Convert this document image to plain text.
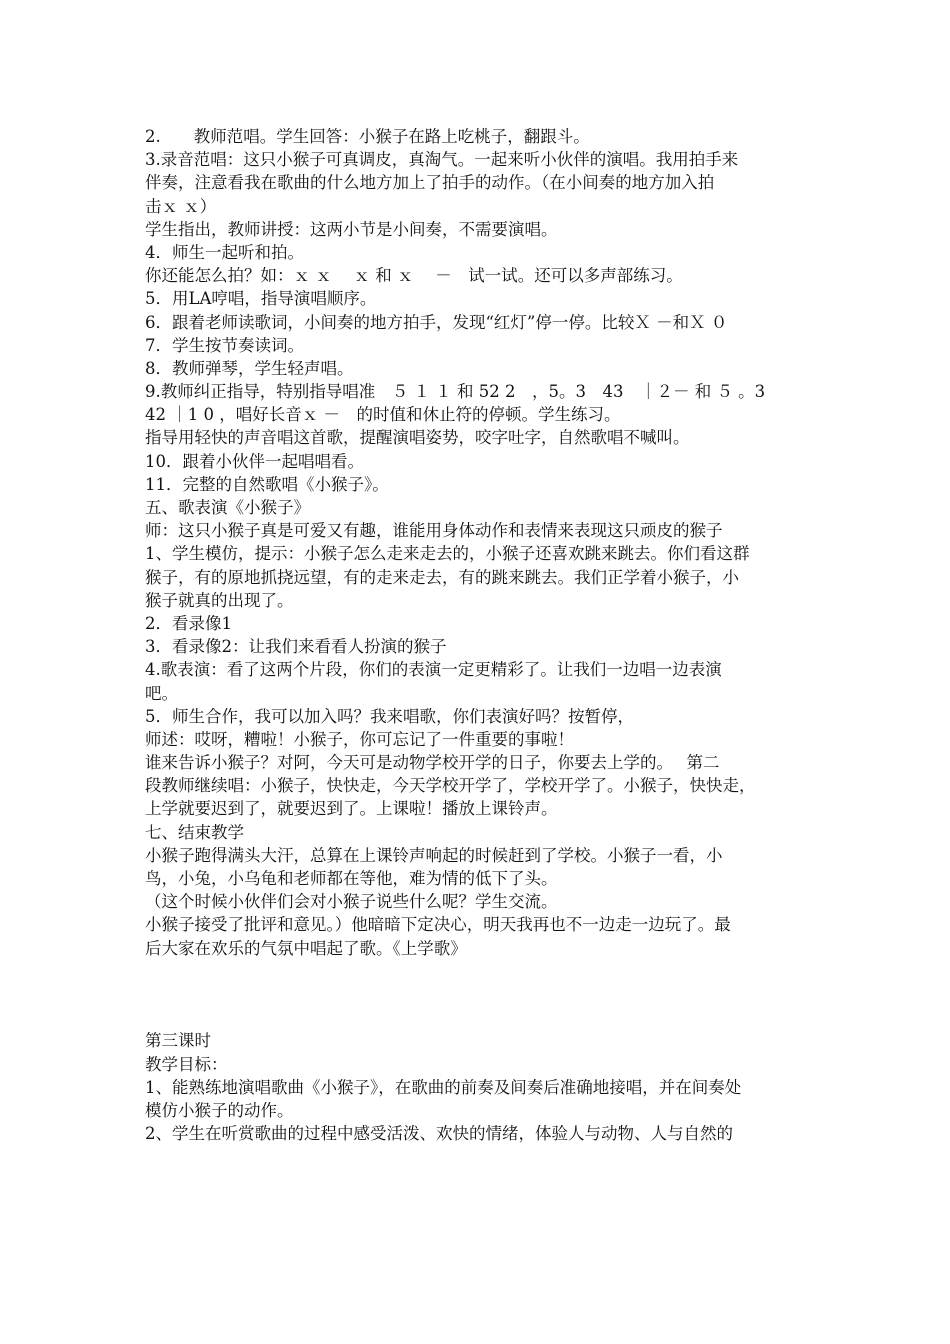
2.　　教师范唱。学生回答：小猴子在路上吃桃子，翻跟斗。
3.录音范唱：这只小猴子可真调皮，真淘气。一起来听小伙伴的演唱。我用拍手来
伴奏，注意看我在歌曲的什么地方加上了拍手的动作。（在小间奏的地方加入拍
击ｘ ｘ）
学生指出，教师讲授：这两小节是小间奏，不需要演唱。
4．师生一起听和拍。
你还能怎么拍？如：ｘ ｘ 　ｘ 和 ｘ 　－　试一试。还可以多声部练习。
5．用LA哼唱，指导演唱顺序。
6．跟着老师读歌词，小间奏的地方拍手，发现“红灯”停一停。比较Ｘ －和Ｘ ０
7．学生按节奏读词。
8．教师弹琴，学生轻声唱。
9.教师纠正指导，特别指导唱准　５ １ １ 和 52 2　，5。3　43　｜２－ 和 ５ 。3
42 ｜1 0 ，唱好长音ｘ －　的时值和休止符的停顿。学生练习。
指导用轻快的声音唱这首歌，提醒演唱姿势，咬字吐字，自然歌唱不喊叫。
10．跟着小伙伴一起唱唱看。
11．完整的自然歌唱《小猴子》。
五、歌表演《小猴子》
师：这只小猴子真是可爱又有趣，谁能用身体动作和表情来表现这只顽皮的猴子
1、学生模仿，提示：小猴子怎么走来走去的，小猴子还喜欢跳来跳去。你们看这群
猴子，有的原地抓挠远望，有的走来走去，有的跳来跳去。我们正学着小猴子，小
猴子就真的出现了。
2．看录像1
3．看录像2：让我们来看看人扮演的猴子
4.歌表演：看了这两个片段，你们的表演一定更精彩了。让我们一边唱一边表演
吧。
5．师生合作，我可以加入吗？我来唱歌，你们表演好吗？按暂停，
师述：哎呀，糟啦！小猴子，你可忘记了一件重要的事啦！
谁来告诉小猴子？对阿，今天可是动物学校开学的日子，你要去上学的。　 第二
段教师继续唱：小猴子，快快走，今天学校开学了，学校开学了。小猴子，快快走，
上学就要迟到了，就要迟到了。上课啦！播放上课铃声。
七、结束教学
小猴子跑得满头大汗，总算在上课铃声响起的时候赶到了学校。小猴子一看，小
鸟，小兔，小乌龟和老师都在等他，难为情的低下了头。
（这个时候小伙伴们会对小猴子说些什么呢？学生交流。
小猴子接受了批评和意见。）他暗暗下定决心，明天我再也不一边走一边玩了。最
后大家在欢乐的气氛中唱起了歌。《上学歌》
第三课时
教学目标：
1、能熟练地演唱歌曲《小猴子》，在歌曲的前奏及间奏后准确地接唱，并在间奏处
模仿小猴子的动作。
2、学生在听赏歌曲的过程中感受活泼、欢快的情绪，体验人与动物、人与自然的
